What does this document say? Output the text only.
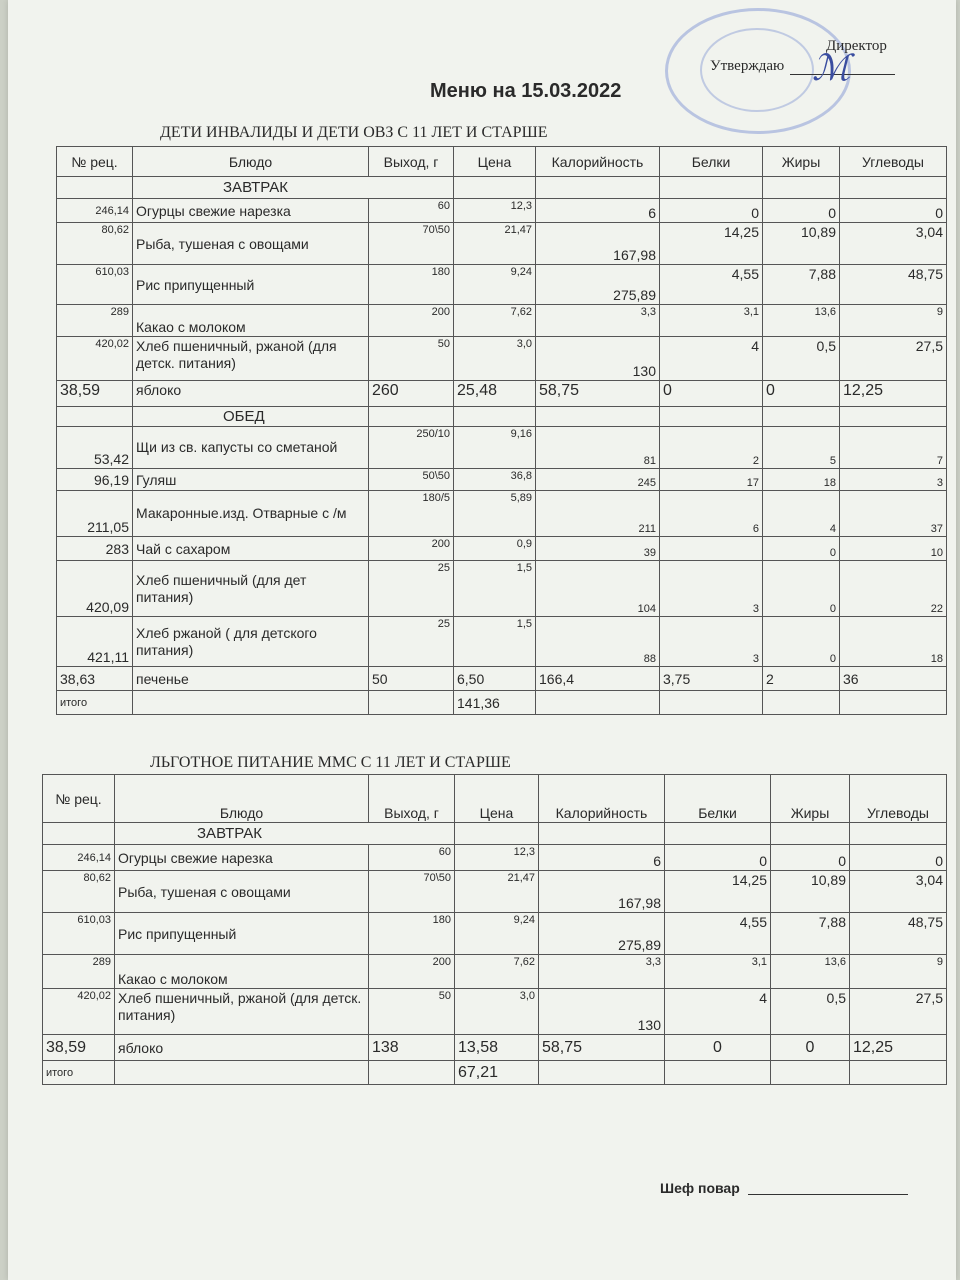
Директор
Утверждаю ℳ
Меню на 15.03.2022
ДЕТИ ИНВАЛИДЫ И ДЕТИ ОВЗ С 11 ЛЕТ И СТАРШЕ
№ рец.	Блюдо	Выход, г	Цена	Калорийность	Белки	Жиры	Углеводы
	ЗАВТРАК						
246,14	Огурцы свежие нарезка	60	12,3	6	0	0	0
80,62	Рыба, тушеная с овощами	70\50	21,47	167,98	14,25	10,89	3,04
610,03	Рис припущенный	180	9,24	275,89	4,55	7,88	48,75
289	Какао с молоком	200	7,62	3,3	3,1	13,6	9
420,02	Хлеб пшеничный, ржаной (для детск. питания)	50	3,0	130	4	0,5	27,5
38,59	яблоко	260	25,48	58,75	0	0	12,25
	ОБЕД						
53,42	Щи из св. капусты со сметаной	250/10	9,16	81	2	5	7
96,19	Гуляш	50\50	36,8	245	17	18	3
211,05	Макаронные.изд. Отварные с /м	180/5	5,89	211	6	4	37
283	Чай с сахаром	200	0,9	39		0	10
420,09	Хлеб пшеничный (для дет питания)	25	1,5	104	3	0	22
421,11	Хлеб ржаной ( для детского питания)	25	1,5	88	3	0	18
38,63	печенье	50	6,50	166,4	3,75	2	36
итого			141,36				
ЛЬГОТНОЕ ПИТАНИЕ ММС С 11 ЛЕТ И СТАРШЕ
№ рец.	Блюдо	Выход, г	Цена	Калорийность	Белки	Жиры	Углеводы
	ЗАВТРАК						
246,14	Огурцы свежие нарезка	60	12,3	6	0	0	0
80,62	Рыба, тушеная с овощами	70\50	21,47	167,98	14,25	10,89	3,04
610,03	Рис припущенный	180	9,24	275,89	4,55	7,88	48,75
289	Какао с молоком	200	7,62	3,3	3,1	13,6	9
420,02	Хлеб пшеничный, ржаной (для детск. питания)	50	3,0	130	4	0,5	27,5
38,59	яблоко	138	13,58	58,75	0	0	12,25
итого			67,21				
Шеф повар
